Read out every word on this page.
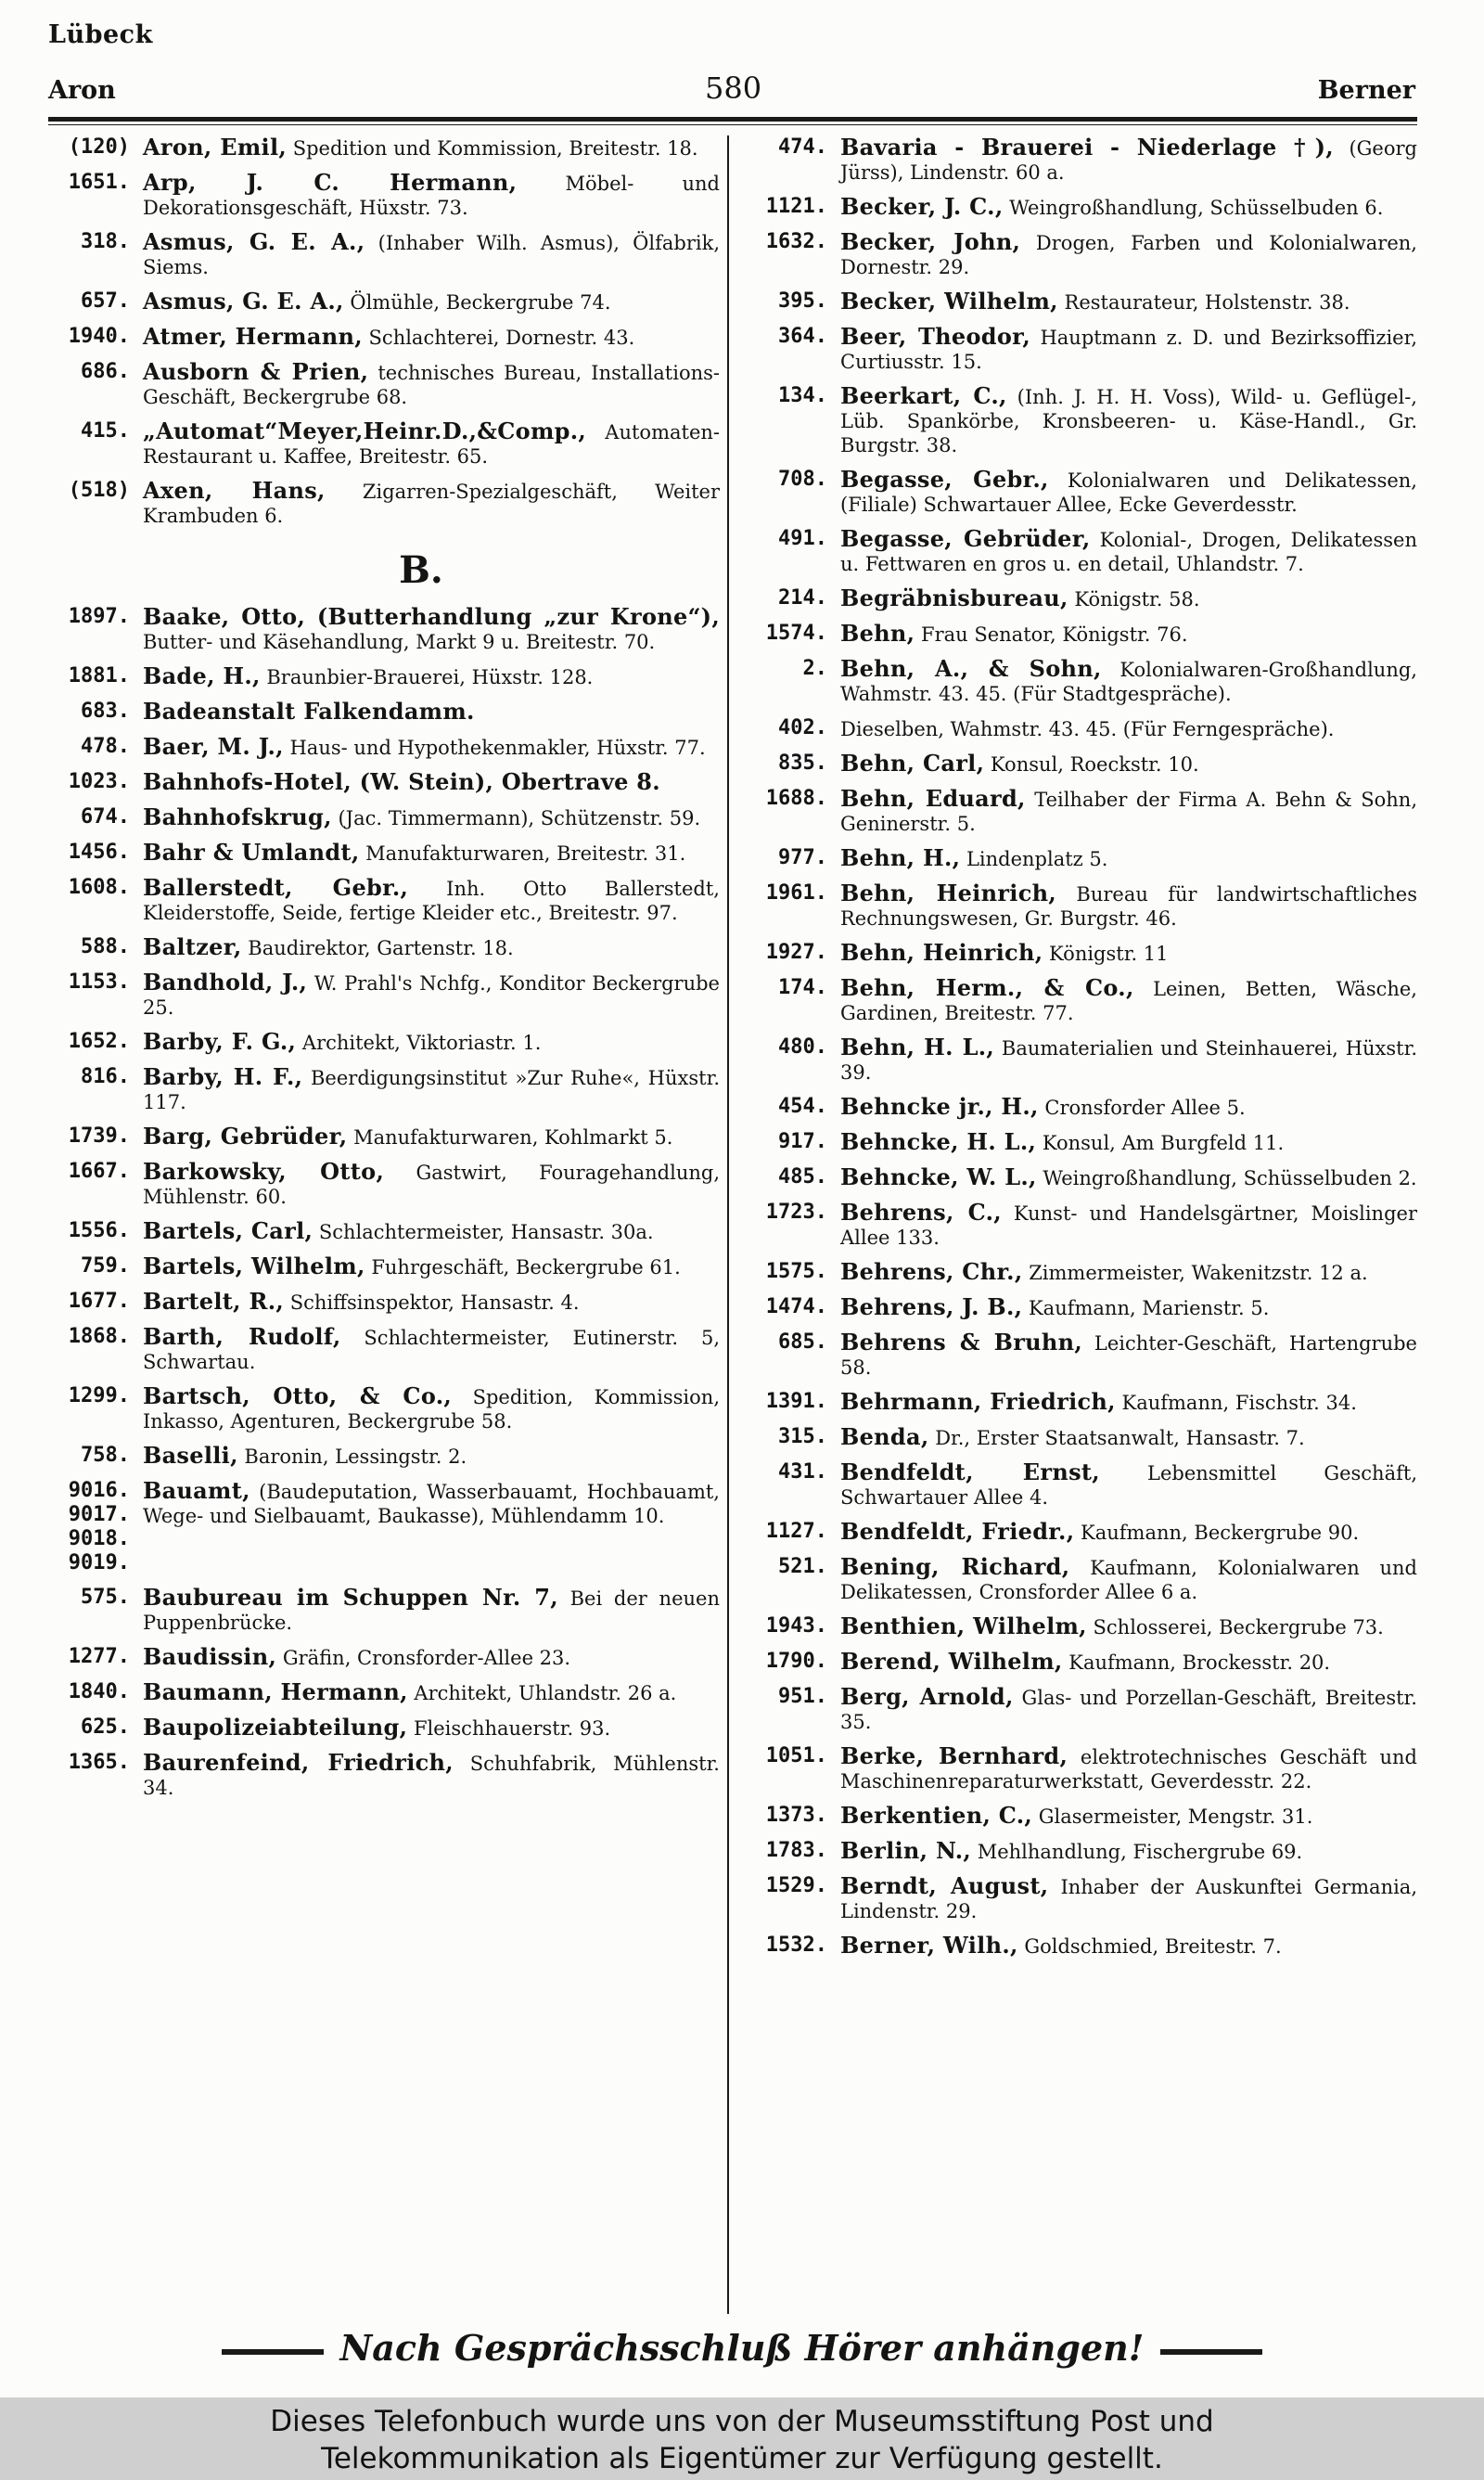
Lübeck
Aron	580	Berner
(120) Aron, Emil, Spedition und Kommission, Breitestr. 18.
1651. Arp, J. C. Hermann, Möbel- und Dekorationsgeschäft, Hüxstr. 73.
318. Asmus, G. E. A., (Inhaber Wilh. Asmus), Ölfabrik, Siems.
657. Asmus, G. E. A., Ölmühle, Beckergrube 74.
1940. Atmer, Hermann, Schlachterei, Dornestr. 43.
686. Ausborn & Prien, technisches Bureau, Installations-Geschäft, Beckergrube 68.
415. „Automat“Meyer,Heinr.D.,&Comp., Automaten-Restaurant u. Kaffee, Breitestr. 65.
(518) Axen, Hans, Zigarren-Spezialgeschäft, Weiter Krambuden 6.
B.
1897. Baake, Otto, (Butterhandlung „zur Krone“), Butter- und Käsehandlung, Markt 9 u. Breitestr. 70.
1881. Bade, H., Braunbier-Brauerei, Hüxstr. 128.
683. Badeanstalt Falkendamm.
478. Baer, M. J., Haus- und Hypothekenmakler, Hüxstr. 77.
1023. Bahnhofs-Hotel, (W. Stein), Obertrave 8.
674. Bahnhofskrug, (Jac. Timmermann), Schützenstr. 59.
1456. Bahr & Umlandt, Manufakturwaren, Breitestr. 31.
1608. Ballerstedt, Gebr., Inh. Otto Ballerstedt, Kleiderstoffe, Seide, fertige Kleider etc., Breitestr. 97.
588. Baltzer, Baudirektor, Gartenstr. 18.
1153. Bandhold, J., W. Prahl's Nchfg., Konditor Beckergrube 25.
1652. Barby, F. G., Architekt, Viktoriastr. 1.
816. Barby, H. F., Beerdigungsinstitut »Zur Ruhe«, Hüxstr. 117.
1739. Barg, Gebrüder, Manufakturwaren, Kohlmarkt 5.
1667. Barkowsky, Otto, Gastwirt, Fouragehandlung, Mühlenstr. 60.
1556. Bartels, Carl, Schlachtermeister, Hansastr. 30a.
759. Bartels, Wilhelm, Fuhrgeschäft, Beckergrube 61.
1677. Bartelt, R., Schiffsinspektor, Hansastr. 4.
1868. Barth, Rudolf, Schlachtermeister, Eutinerstr. 5, Schwartau.
1299. Bartsch, Otto, & Co., Spedition, Kommission, Inkasso, Agenturen, Beckergrube 58.
758. Baselli, Baronin, Lessingstr. 2.
9016.
9017.
9018.
9019.
Bauamt, (Baudeputation, Wasserbauamt, Hochbauamt, Wege- und Sielbauamt, Baukasse), Mühlendamm 10.
575. Baubureau im Schuppen Nr. 7, Bei der neuen Puppenbrücke.
1277. Baudissin, Gräfin, Cronsforder-Allee 23.
1840. Baumann, Hermann, Architekt, Uhlandstr. 26 a.
625. Baupolizeiabteilung, Fleischhauerstr. 93.
1365. Baurenfeind, Friedrich, Schuhfabrik, Mühlenstr. 34.
474. Bavaria - Brauerei - Niederlage †), (Georg Jürss), Lindenstr. 60 a.
1121. Becker, J. C., Weingroßhandlung, Schüsselbuden 6.
1632. Becker, John, Drogen, Farben und Kolonialwaren, Dornestr. 29.
395. Becker, Wilhelm, Restaurateur, Holstenstr. 38.
364. Beer, Theodor, Hauptmann z. D. und Bezirksoffizier, Curtiusstr. 15.
134. Beerkart, C., (Inh. J. H. H. Voss), Wild- u. Geflügel-, Lüb. Spankörbe, Kronsbeeren- u. Käse-Handl., Gr. Burgstr. 38.
708. Begasse, Gebr., Kolonialwaren und Delikatessen, (Filiale) Schwartauer Allee, Ecke Geverdesstr.
491. Begasse, Gebrüder, Kolonial-, Drogen, Delikatessen u. Fettwaren en gros u. en detail, Uhlandstr. 7.
214. Begräbnisbureau, Königstr. 58.
1574. Behn, Frau Senator, Königstr. 76.
2. Behn, A., & Sohn, Kolonialwaren-Großhandlung, Wahmstr. 43. 45. (Für Stadtgespräche).
402. Dieselben, Wahmstr. 43. 45. (Für Ferngespräche).
835. Behn, Carl, Konsul, Roeckstr. 10.
1688. Behn, Eduard, Teilhaber der Firma A. Behn & Sohn, Geninerstr. 5.
977. Behn, H., Lindenplatz 5.
1961. Behn, Heinrich, Bureau für landwirtschaftliches Rechnungswesen, Gr. Burgstr. 46.
1927. Behn, Heinrich, Königstr. 11
174. Behn, Herm., & Co., Leinen, Betten, Wäsche, Gardinen, Breitestr. 77.
480. Behn, H. L., Baumaterialien und Steinhauerei, Hüxstr. 39.
454. Behncke jr., H., Cronsforder Allee 5.
917. Behncke, H. L., Konsul, Am Burgfeld 11.
485. Behncke, W. L., Weingroßhandlung, Schüsselbuden 2.
1723. Behrens, C., Kunst- und Handelsgärtner, Moislinger Allee 133.
1575. Behrens, Chr., Zimmermeister, Wakenitzstr. 12 a.
1474. Behrens, J. B., Kaufmann, Marienstr. 5.
685. Behrens & Bruhn, Leichter-Geschäft, Hartengrube 58.
1391. Behrmann, Friedrich, Kaufmann, Fischstr. 34.
315. Benda, Dr., Erster Staatsanwalt, Hansastr. 7.
431. Bendfeldt, Ernst, Lebensmittel Geschäft, Schwartauer Allee 4.
1127. Bendfeldt, Friedr., Kaufmann, Beckergrube 90.
521. Bening, Richard, Kaufmann, Kolonialwaren und Delikatessen, Cronsforder Allee 6 a.
1943. Benthien, Wilhelm, Schlosserei, Beckergrube 73.
1790. Berend, Wilhelm, Kaufmann, Brockesstr. 20.
951. Berg, Arnold, Glas- und Porzellan-Geschäft, Breitestr. 35.
1051. Berke, Bernhard, elektrotechnisches Geschäft und Maschinenreparaturwerkstatt, Geverdesstr. 22.
1373. Berkentien, C., Glasermeister, Mengstr. 31.
1783. Berlin, N., Mehlhandlung, Fischergrube 69.
1529. Berndt, August, Inhaber der Auskunftei Germania, Lindenstr. 29.
1532. Berner, Wilh., Goldschmied, Breitestr. 7.
Nach Gesprächsschluß Hörer anhängen!
Dieses Telefonbuch wurde uns von der Museumsstiftung Post und
Telekommunikation als Eigentümer zur Verfügung gestellt.
